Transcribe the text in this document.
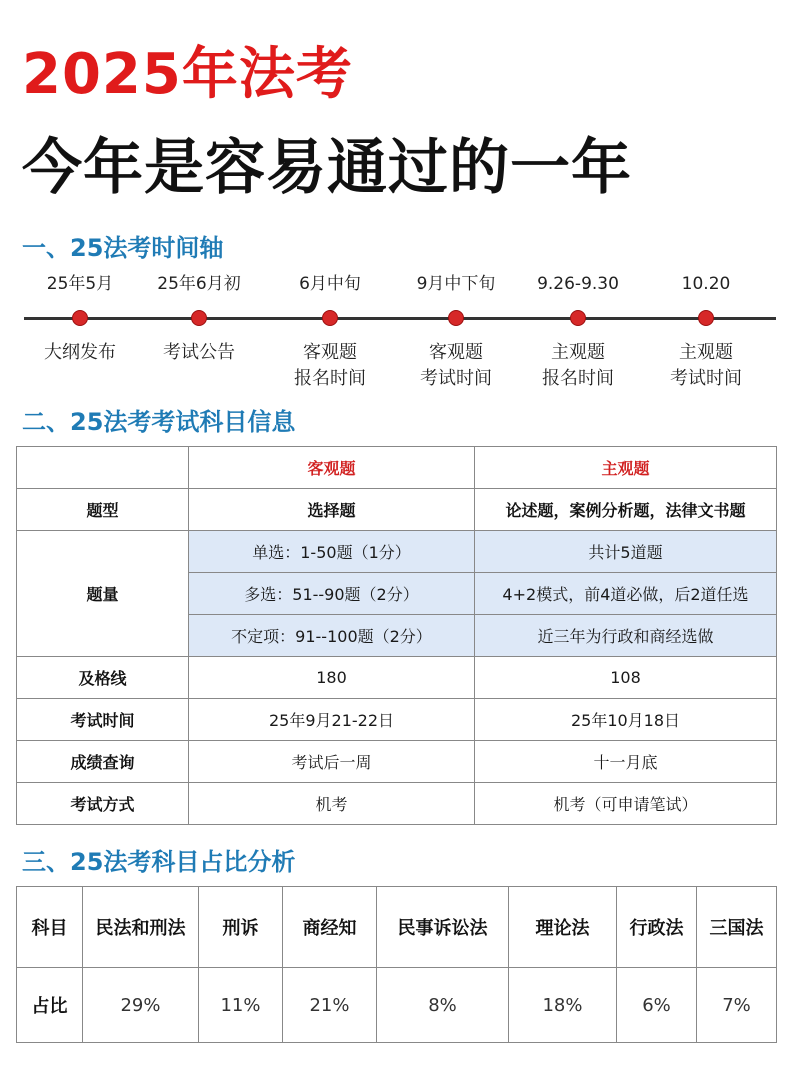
2025年法考
今年是容易通过的一年
一、25法考时间轴
25年5月
大纲发布

25年6月初
考试公告

6月中旬
客观题
报名时间
9月中下旬
客观题
考试时间
9.26-9.30
主观题
报名时间
10.20
主观题
考试时间
二、25法考考试科目信息
	客观题	主观题
题型	选择题	论述题，案例分析题，法律文书题
题量	单选：1-50题（1分）	共计5道题
	多选：51--90题（2分）	4+2模式，前4道必做，后2道任选
	不定项：91--100题（2分）	近三年为行政和商经选做
及格线	180	108
考试时间	25年9月21-22日	25年10月18日
成绩查询	考试后一周	十一月底
考试方式	机考	机考（可申请笔试）
三、25法考科目占比分析
科目	民法和刑法	刑诉	商经知	民事诉讼法	理论法	行政法	三国法
占比	29%	11%	21%	8%	18%	6%	7%
